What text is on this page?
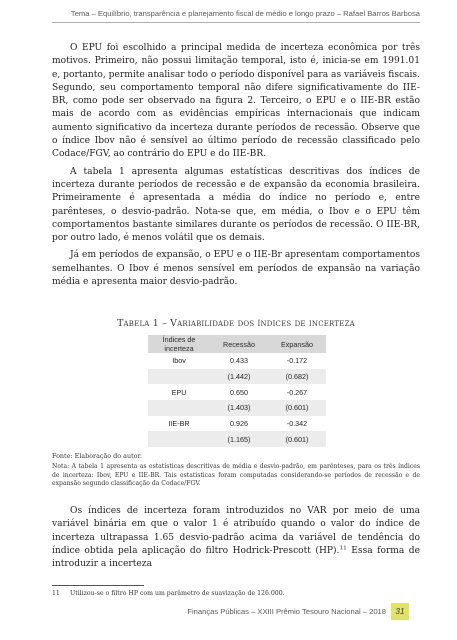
Tema – Equilíbrio, transparência e planejamento fiscal de médio e longo prazo – Rafael Barros Barbosa

O EPU foi escolhido a principal medida de incerteza econômica por três motivos. Primeiro, não possui limitação temporal, isto é, inicia-se em 1991.01 e, portanto, permite analisar todo o período disponível para as variáveis fiscais. Segundo, seu comportamento temporal não difere significativamente do IIE-BR, como pode ser observado na figura 2. Terceiro, o EPU e o IIE-BR estão mais de acordo com as evidências empíricas internacionais que indicam aumento significativo da incerteza durante períodos de recessão. Observe que o índice Ibov não é sensível ao último período de recessão classificado pelo Codace/FGV, ao contrário do EPU e do IIE-BR.

A tabela 1 apresenta algumas estatísticas descritivas dos índices de incerteza durante períodos de recessão e de expansão da economia brasileira. Primeiramente é apresentada a média do índice no período e, entre parênteses, o desvio-padrão. Nota-se que, em média, o Ibov e o EPU têm comportamentos bastante similares durante os períodos de recessão. O IIE-BR, por outro lado, é menos volátil que os demais.

Já em períodos de expansão, o EPU e o IIE-Br apresentam comportamentos semelhantes. O Ibov é menos sensível em períodos de expansão na variação média e apresenta maior desvio-padrão.

Tabela 1 – Variabilidade dos índices de incerteza
Índices de incerteza	Recessão	Expansão
Ibov	0.433	-0.172
	(1.442)	(0.682)
EPU	0.650	-0.267
	(1.403)	(0.601)
IIE-BR	0.926	-0.342
	(1.165)	(0.601)
Fonte: Elaboração do autor.
Nota: A tabela 1 apresenta as estatísticas descritivas de média e desvio-padrão, em parênteses, para os três índices de incerteza: Ibov, EPU e IIE-BR. Tais estatísticas foram computadas considerando-se períodos de recessão e de expansão segundo classificação da Codace/FGV.

Os índices de incerteza foram introduzidos no VAR por meio de uma variável binária em que o valor 1 é atribuído quando o valor do índice de incerteza ultrapassa 1.65 desvio-padrão acima da variável de tendência do índice obtida pela aplicação do filtro Hodrick-Prescott (HP).$^{11}$ Essa forma de introduzir a incerteza

11 Utilizou-se o filtro HP com um parâmetro de suavização de 126.000.
Finanças Públicas – XXIII Prêmio Tesouro Nacional – 2018	31
